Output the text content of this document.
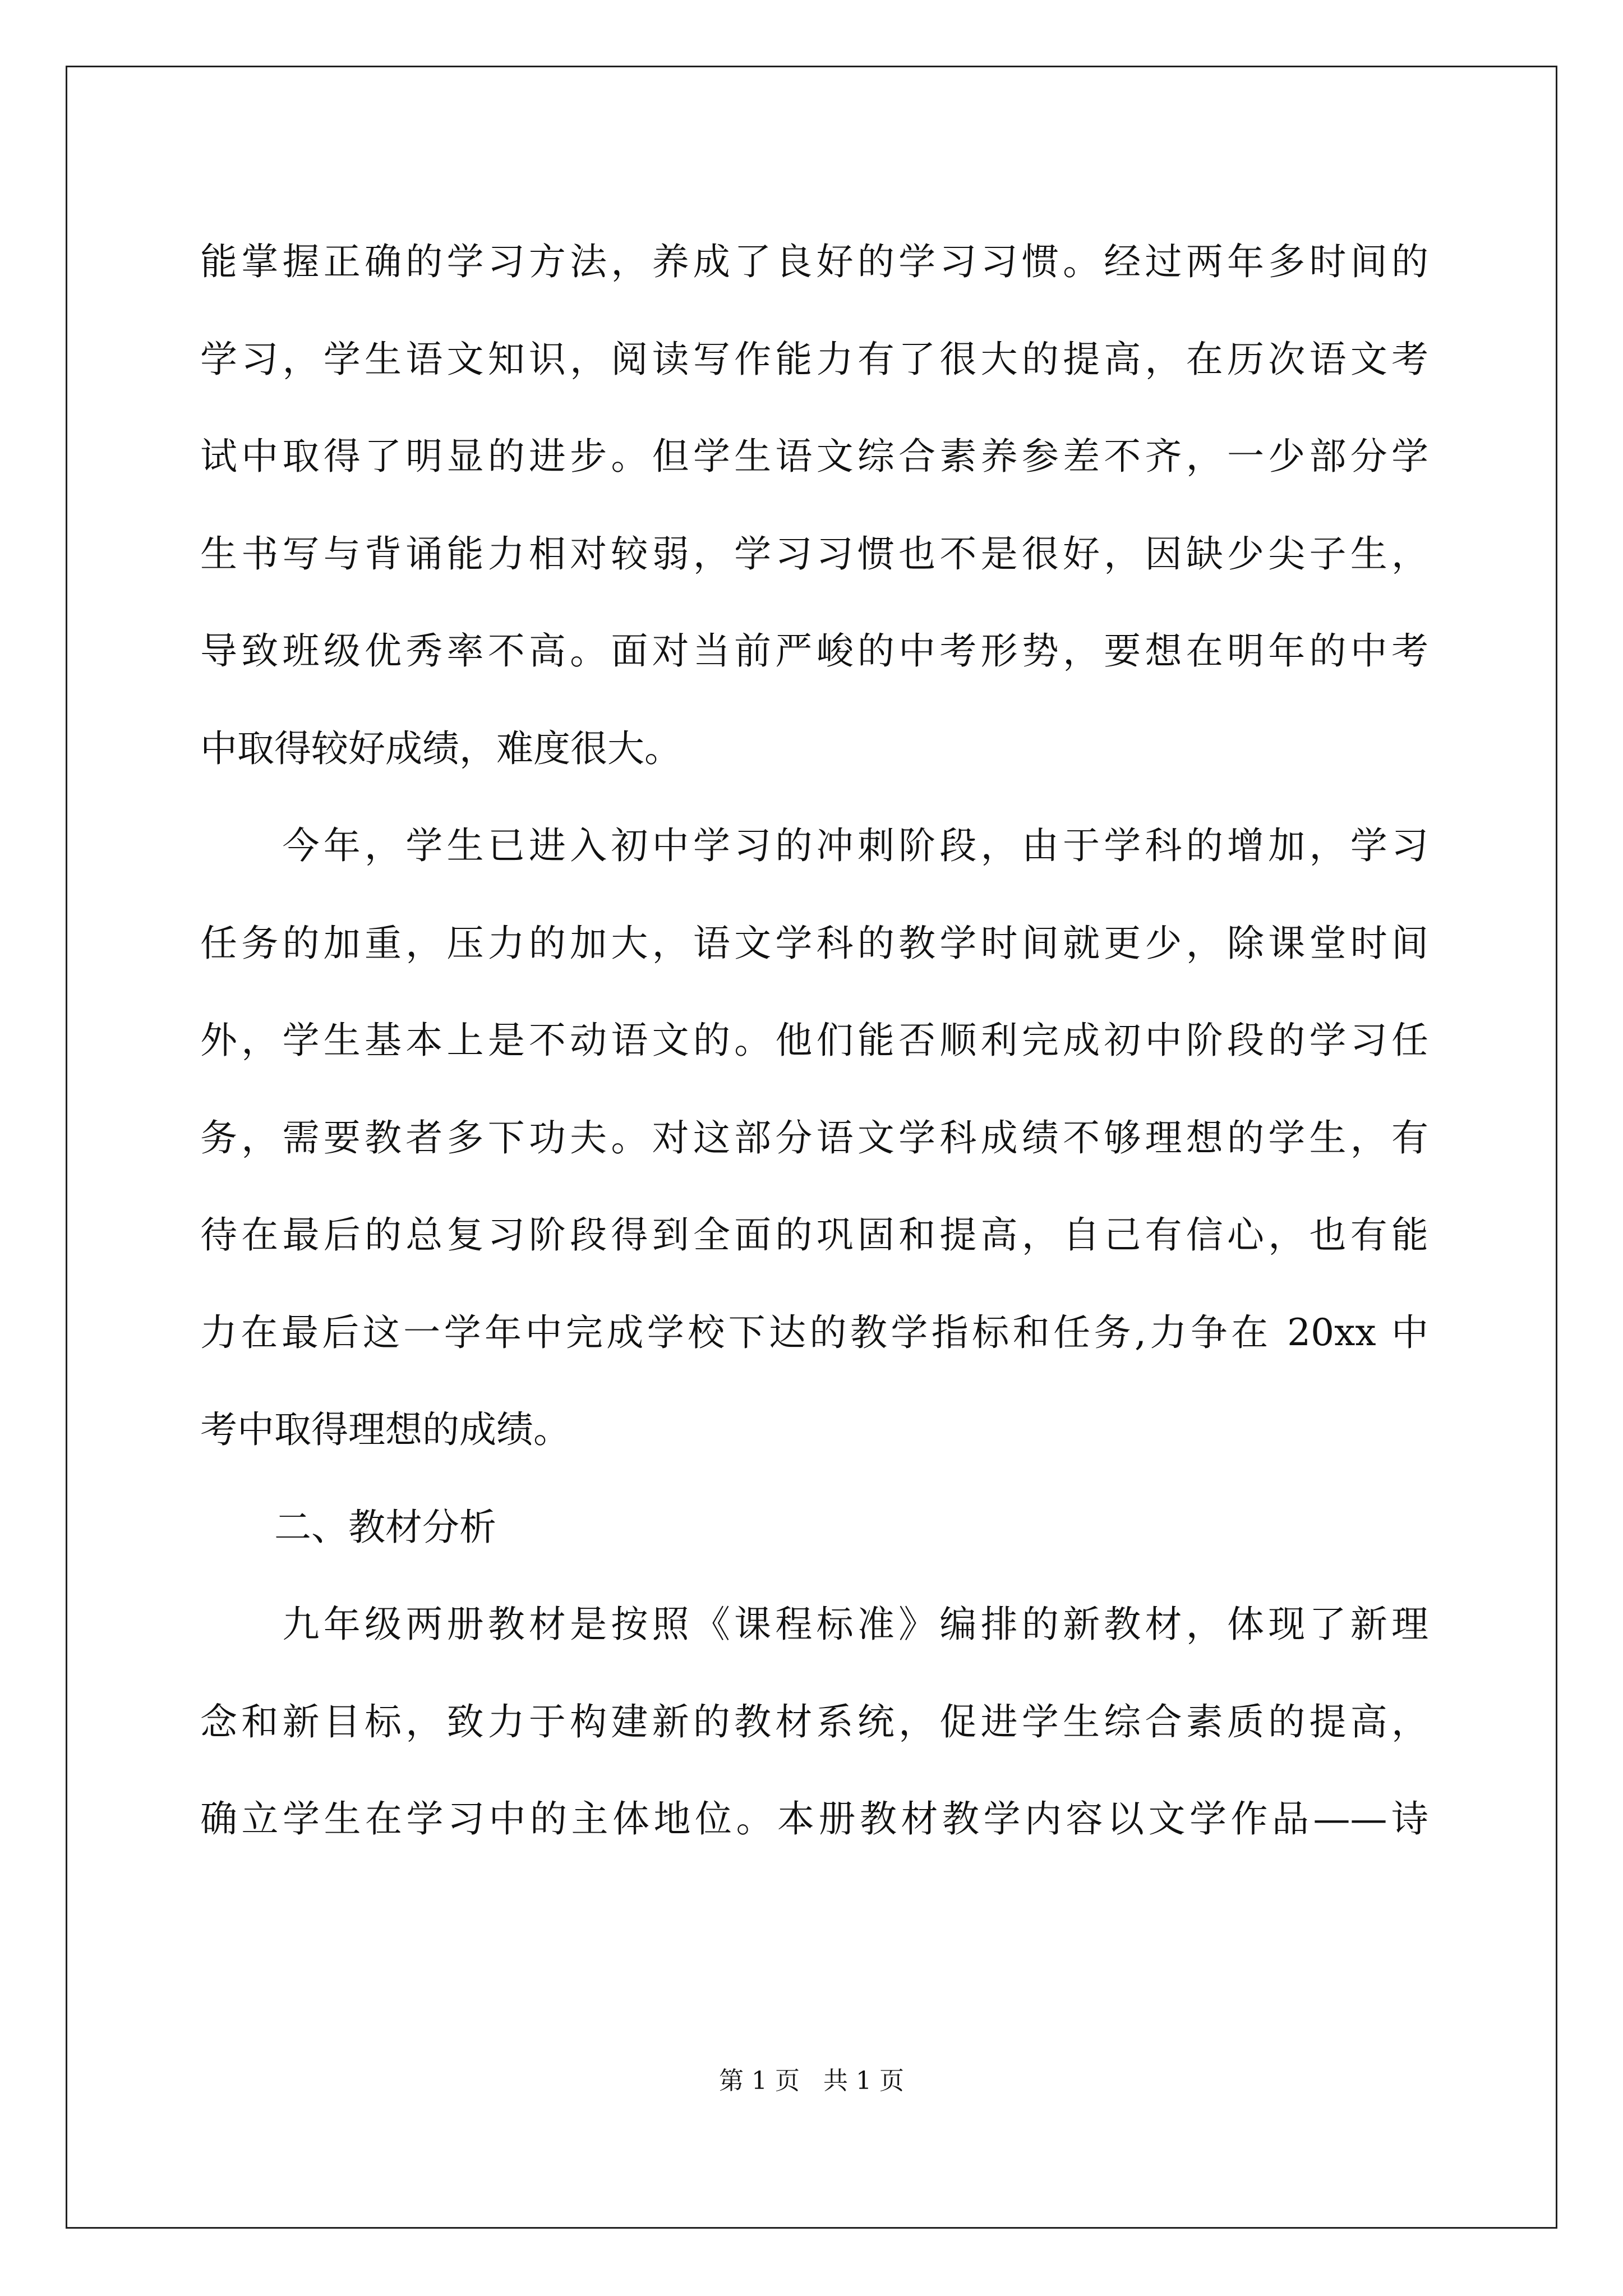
能掌握正确的学习方法，养成了良好的学习习惯。经过两年多时间的
学习，学生语文知识，阅读写作能力有了很大的提高，在历次语文考
试中取得了明显的进步。但学生语文综合素养参差不齐，一少部分学
生书写与背诵能力相对较弱，学习习惯也不是很好，因缺少尖子生，
导致班级优秀率不高。面对当前严峻的中考形势，要想在明年的中考
中取得较好成绩，难度很大。
　　今年，学生已进入初中学习的冲刺阶段，由于学科的增加，学习
任务的加重，压力的加大，语文学科的教学时间就更少，除课堂时间
外，学生基本上是不动语文的。他们能否顺利完成初中阶段的学习任
务，需要教者多下功夫。对这部分语文学科成绩不够理想的学生，有
待在最后的总复习阶段得到全面的巩固和提高，自己有信心，也有能
力在最后这一学年中完成学校下达的教学指标和任务,力争在 20xx 中
考中取得理想的成绩。
　　二、教材分析
　　九年级两册教材是按照《课程标准》编排的新教材，体现了新理
念和新目标，致力于构建新的教材系统，促进学生综合素质的提高，
确立学生在学习中的主体地位。本册教材教学内容以文学作品——诗
第 1 页   共 1 页
